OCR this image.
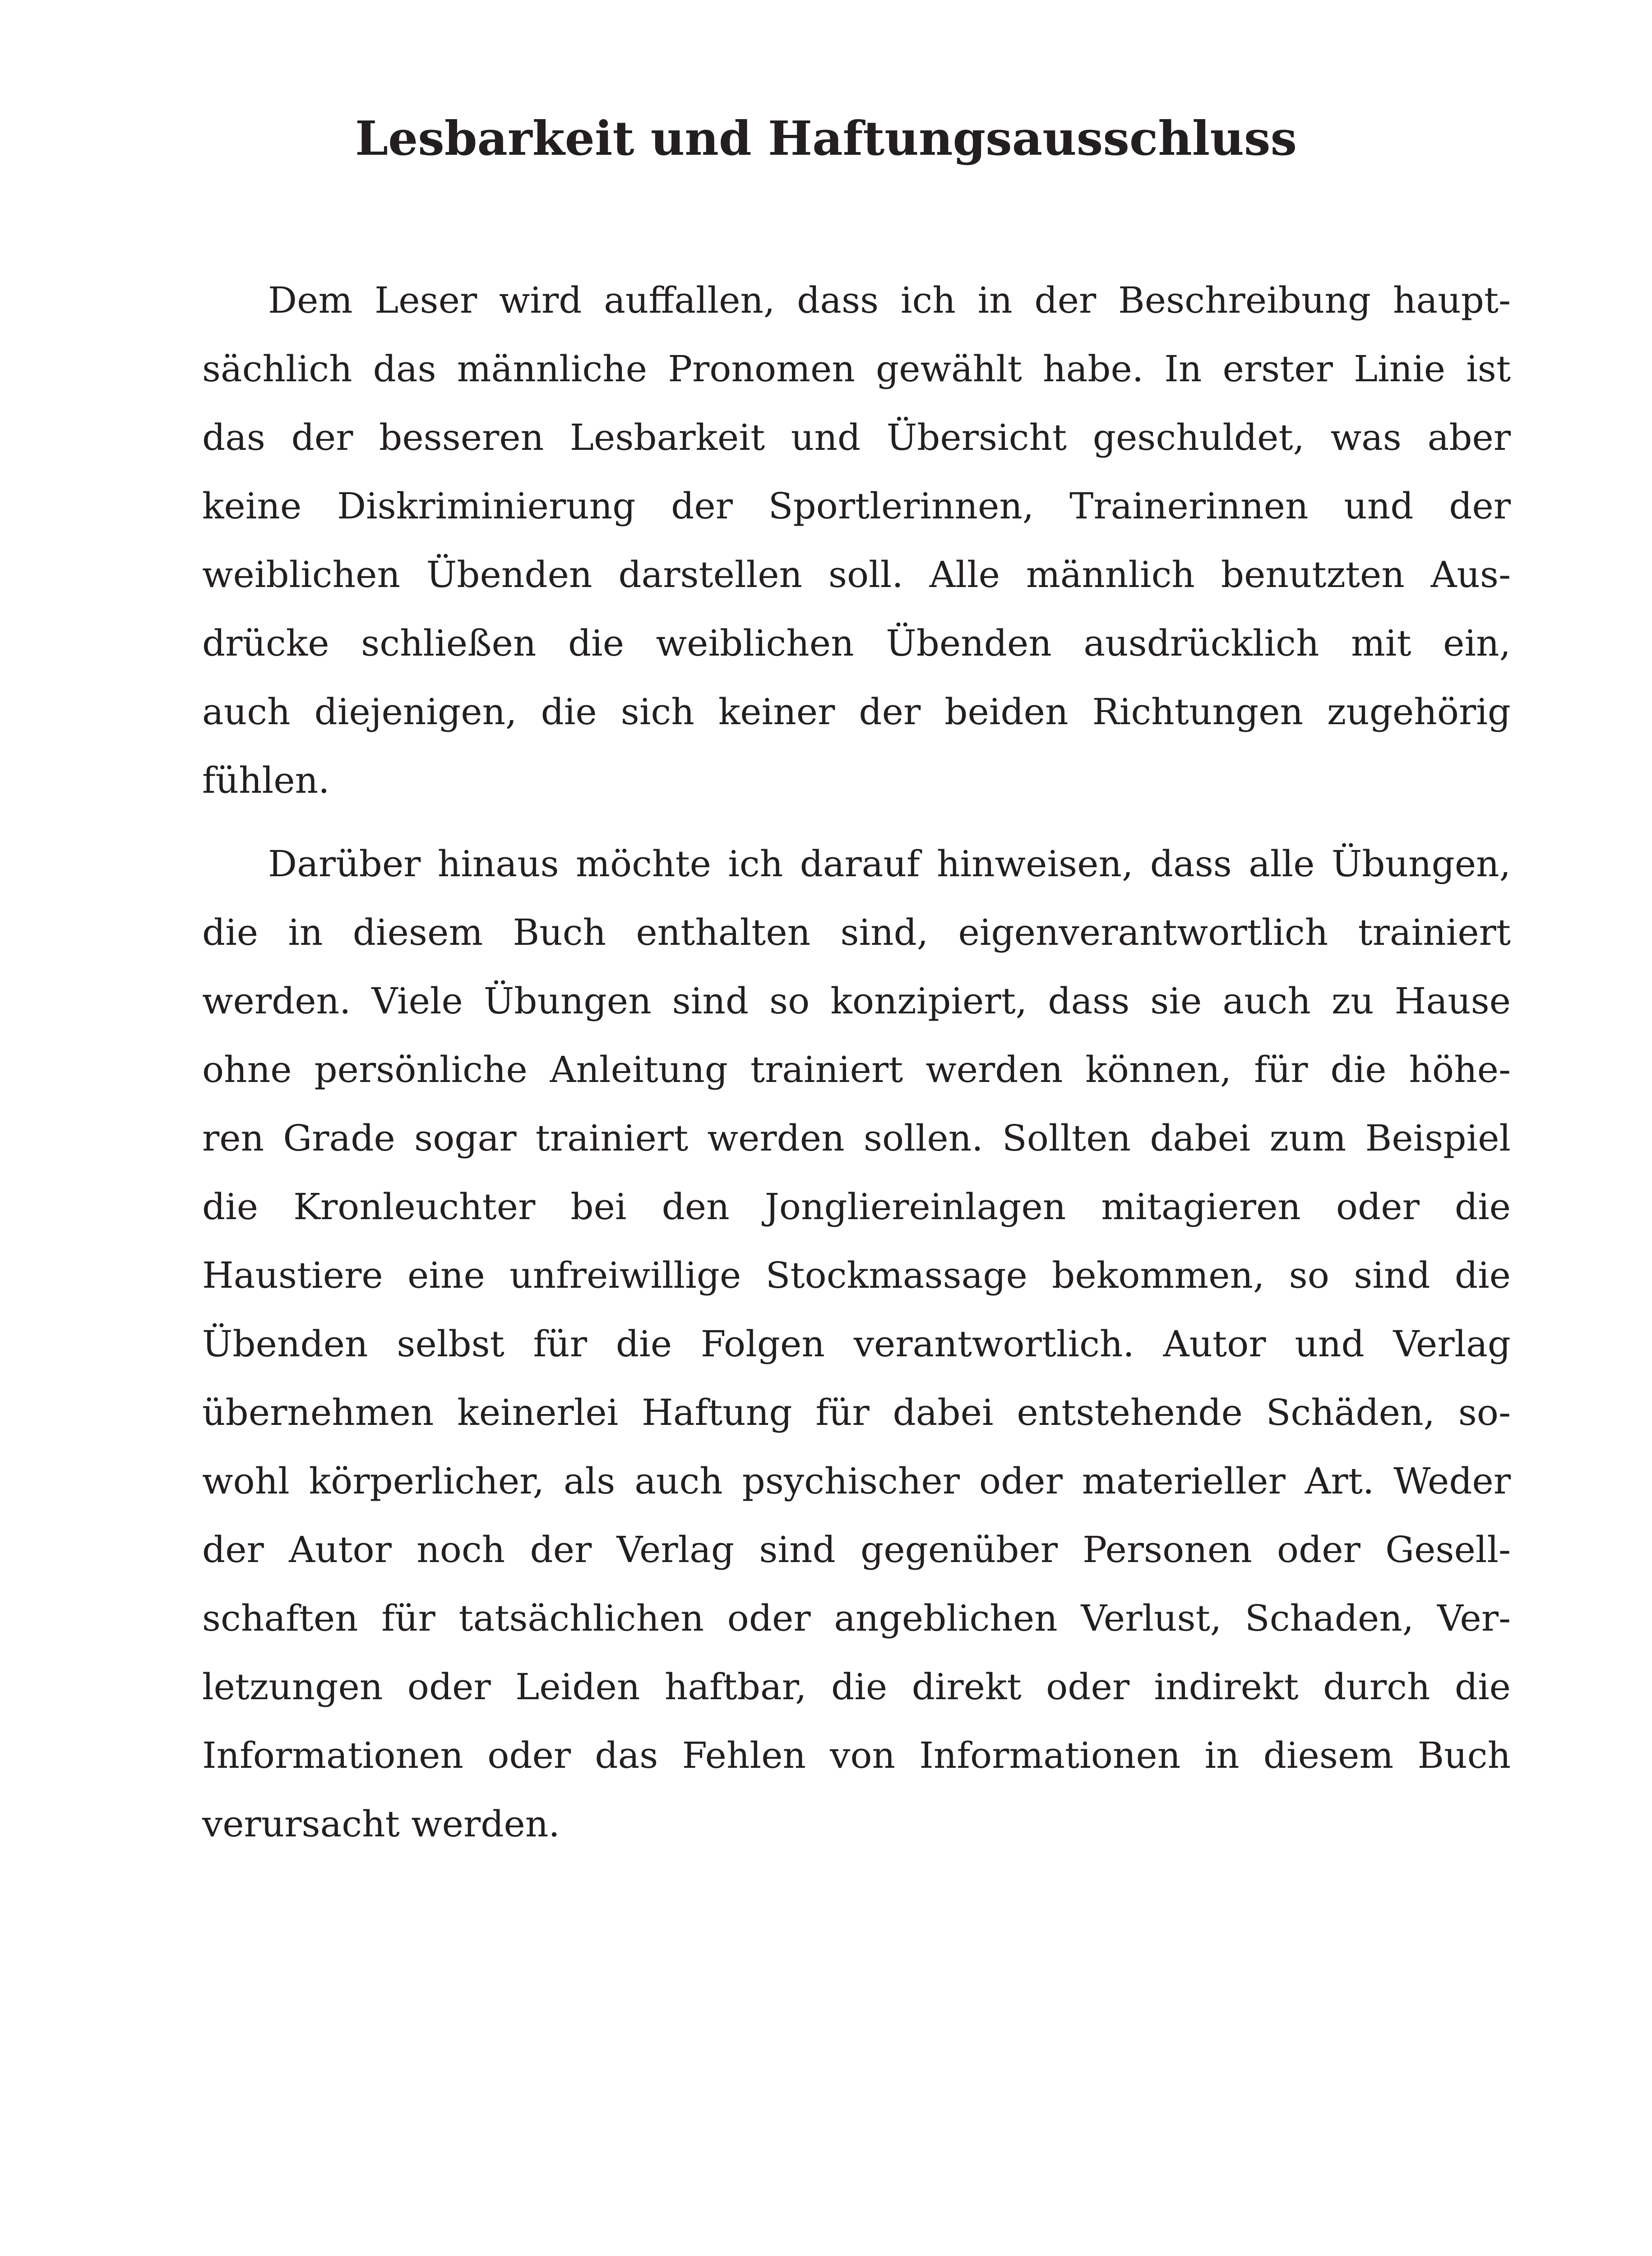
Lesbarkeit und Haftungsausschluss

Dem Leser wird auffallen, dass ich in der Beschreibung haupt-
sächlich das männliche Pronomen gewählt habe. In erster Linie ist
das der besseren Lesbarkeit und Übersicht geschuldet, was aber
keine Diskriminierung der Sportlerinnen, Trainerinnen und der
weiblichen Übenden darstellen soll. Alle männlich benutzten Aus-
drücke schließen die weiblichen Übenden ausdrücklich mit ein,
auch diejenigen, die sich keiner der beiden Richtungen zugehörig
fühlen.

Darüber hinaus möchte ich darauf hinweisen, dass alle Übungen,
die in diesem Buch enthalten sind, eigenverantwortlich trainiert
werden. Viele Übungen sind so konzipiert, dass sie auch zu Hause
ohne persönliche Anleitung trainiert werden können, für die höhe-
ren Grade sogar trainiert werden sollen. Sollten dabei zum Beispiel
die Kronleuchter bei den Jongliereinlagen mitagieren oder die
Haustiere eine unfreiwillige Stockmassage bekommen, so sind die
Übenden selbst für die Folgen verantwortlich. Autor und Verlag
übernehmen keinerlei Haftung für dabei entstehende Schäden, so-
wohl körperlicher, als auch psychischer oder materieller Art. Weder
der Autor noch der Verlag sind gegenüber Personen oder Gesell-
schaften für tatsächlichen oder angeblichen Verlust, Schaden, Ver-
letzungen oder Leiden haftbar, die direkt oder indirekt durch die
Informationen oder das Fehlen von Informationen in diesem Buch
verursacht werden.
